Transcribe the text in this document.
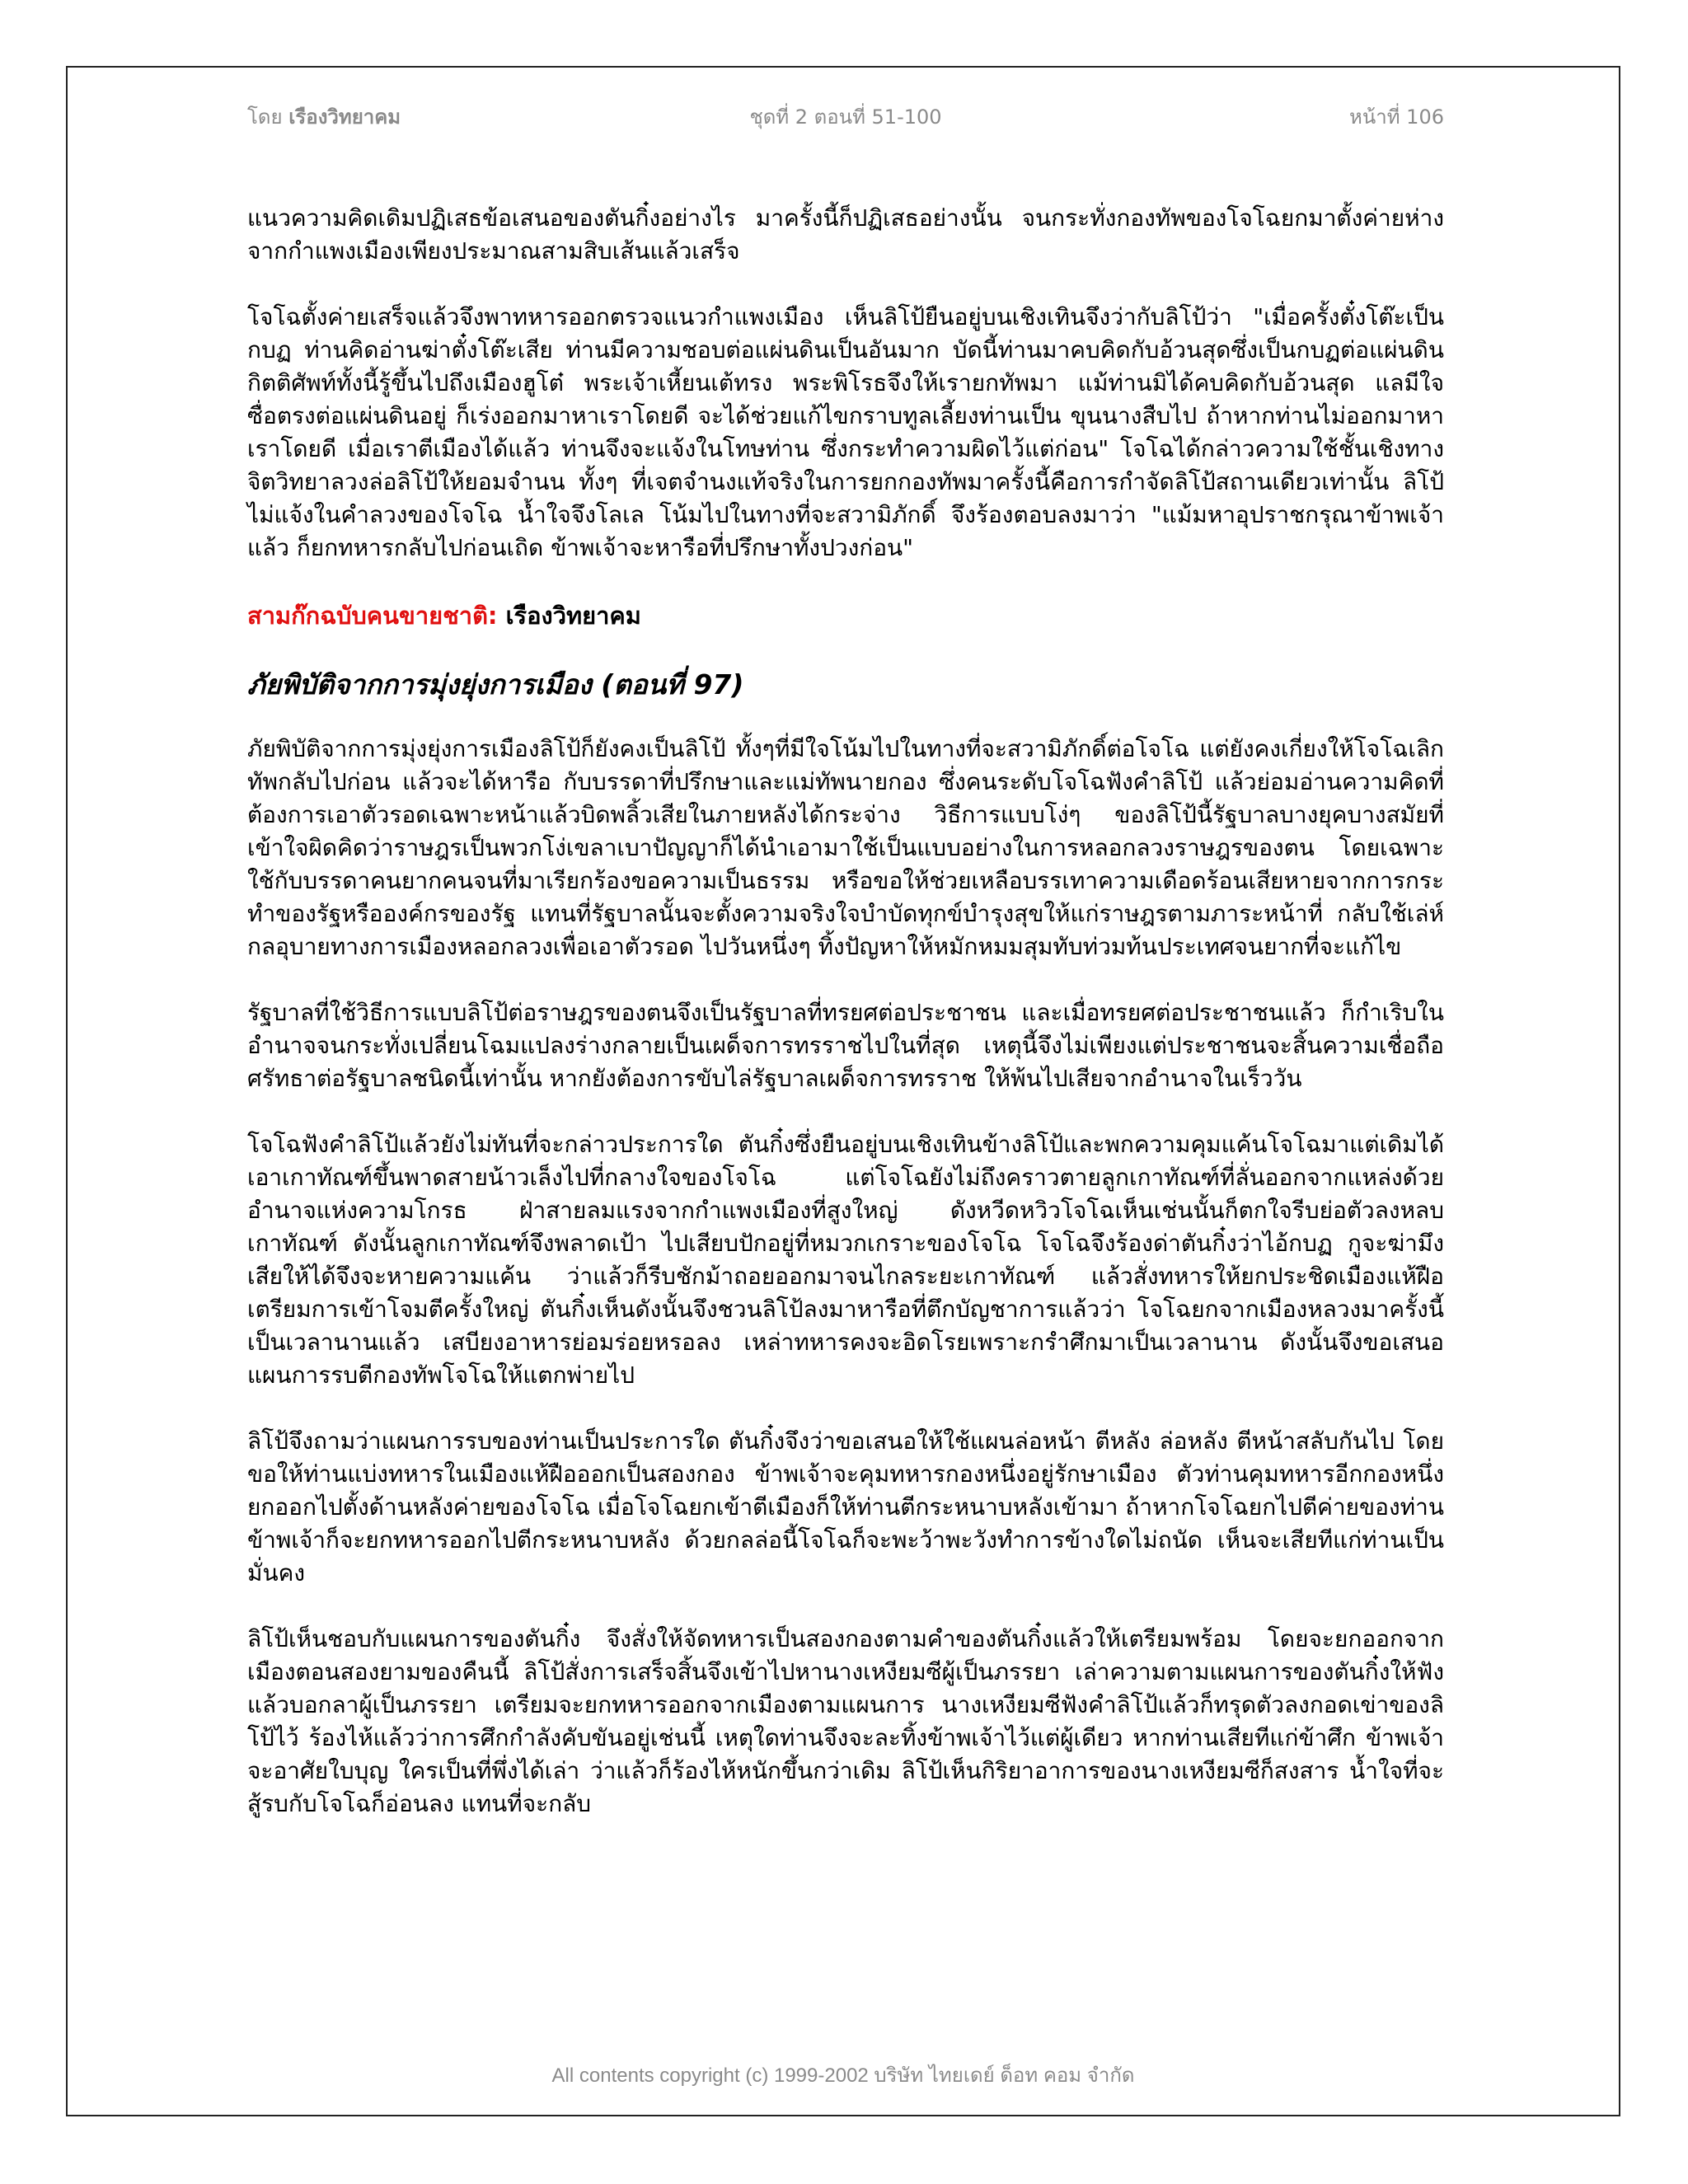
โดย เรืองวิทยาคม	ชุดที่ 2 ตอนที่ 51-100	หน้าที่ 106

แนวความคิดเดิมปฏิเสธข้อเสนอของตันกิ๋งอย่างไร มาครั้งนี้ก็ปฏิเสธอย่างนั้น จนกระทั่งกองทัพของโจโฉยกมาตั้งค่ายห่างจากกำแพงเมืองเพียงประมาณสามสิบเส้นแล้วเสร็จ

โจโฉตั้งค่ายเสร็จแล้วจึงพาทหารออกตรวจแนวกำแพงเมือง เห็นลิโป้ยืนอยู่บนเชิงเทินจึงว่ากับลิโป้ว่า "เมื่อครั้งตั๋งโต๊ะเป็นกบฏ ท่านคิดอ่านฆ่าตั๋งโต๊ะเสีย ท่านมีความชอบต่อแผ่นดินเป็นอันมาก บัดนี้ท่านมาคบคิดกับอ้วนสุดซึ่งเป็นกบฏต่อแผ่นดิน กิตติศัพท์ทั้งนี้รู้ขึ้นไปถึงเมืองฮูโต๋ พระเจ้าเหี้ยนเต้ทรง พระพิโรธจึงให้เรายกทัพมา แม้ท่านมิได้คบคิดกับอ้วนสุด แลมีใจซื่อตรงต่อแผ่นดินอยู่ ก็เร่งออกมาหาเราโดยดี จะได้ช่วยแก้ไขกราบทูลเลี้ยงท่านเป็น ขุนนางสืบไป ถ้าหากท่านไม่ออกมาหาเราโดยดี เมื่อเราตีเมืองได้แล้ว ท่านจึงจะแจ้งในโทษท่าน ซึ่งกระทำความผิดไว้แต่ก่อน" โจโฉได้กล่าวความใช้ชั้นเชิงทางจิตวิทยาลวงล่อลิโป้ให้ยอมจำนน ทั้งๆ ที่เจตจำนงแท้จริงในการยกกองทัพมาครั้งนี้คือการกำจัดลิโป้สถานเดียวเท่านั้น ลิโป้ไม่แจ้งในคำลวงของโจโฉ น้ำใจจึงโลเล โน้มไปในทางที่จะสวามิภักดิ์ จึงร้องตอบลงมาว่า "แม้มหาอุปราชกรุณาข้าพเจ้าแล้ว ก็ยกทหารกลับไปก่อนเถิด ข้าพเจ้าจะหารือที่ปรึกษาทั้งปวงก่อน"

สามก๊กฉบับคนขายชาติ: เรืองวิทยาคม
ภัยพิบัติจากการมุ่งยุ่งการเมือง (ตอนที่ 97)

ภัยพิบัติจากการมุ่งยุ่งการเมืองลิโป้ก็ยังคงเป็นลิโป้ ทั้งๆที่มีใจโน้มไปในทางที่จะสวามิภักดิ์ต่อโจโฉ แต่ยังคงเกี่ยงให้โจโฉเลิกทัพกลับไปก่อน แล้วจะได้หารือ กับบรรดาที่ปรึกษาและแม่ทัพนายกอง ซึ่งคนระดับโจโฉฟังคำลิโป้ แล้วย่อมอ่านความคิดที่ต้องการเอาตัวรอดเฉพาะหน้าแล้วบิดพลิ้วเสียในภายหลังได้กระจ่าง วิธีการแบบโง่ๆ ของลิโป้นี้รัฐบาลบางยุคบางสมัยที่เข้าใจผิดคิดว่าราษฎรเป็นพวกโง่เขลาเบาปัญญาก็ได้นำเอามาใช้เป็นแบบอย่างในการหลอกลวงราษฎรของตน โดยเฉพาะใช้กับบรรดาคนยากคนจนที่มาเรียกร้องขอความเป็นธรรม หรือขอให้ช่วยเหลือบรรเทาความเดือดร้อนเสียหายจากการกระทำของรัฐหรือองค์กรของรัฐ แทนที่รัฐบาลนั้นจะตั้งความจริงใจบำบัดทุกข์บำรุงสุขให้แก่ราษฎรตามภาระหน้าที่ กลับใช้เล่ห์กลอุบายทางการเมืองหลอกลวงเพื่อเอาตัวรอด ไปวันหนึ่งๆ ทิ้งปัญหาให้หมักหมมสุมทับท่วมท้นประเทศจนยากที่จะแก้ไข

รัฐบาลที่ใช้วิธีการแบบลิโป้ต่อราษฎรของตนจึงเป็นรัฐบาลที่ทรยศต่อประชาชน และเมื่อทรยศต่อประชาชนแล้ว ก็กำเริบในอำนาจจนกระทั่งเปลี่ยนโฉมแปลงร่างกลายเป็นเผด็จการทรราชไปในที่สุด เหตุนี้จึงไม่เพียงแต่ประชาชนจะสิ้นความเชื่อถือศรัทธาต่อรัฐบาลชนิดนี้เท่านั้น หากยังต้องการขับไล่รัฐบาลเผด็จการทรราช ให้พ้นไปเสียจากอำนาจในเร็ววัน

โจโฉฟังคำลิโป้แล้วยังไม่ทันที่จะกล่าวประการใด ตันกิ๋งซึ่งยืนอยู่บนเชิงเทินข้างลิโป้และพกความคุมแค้นโจโฉมาแต่เดิมได้เอาเกาทัณฑ์ขึ้นพาดสายน้าวเล็งไปที่กลางใจของโจโฉ แต่โจโฉยังไม่ถึงคราวตายลูกเกาทัณฑ์ที่ลั่นออกจากแหล่งด้วยอำนาจแห่งความโกรธ ฝ่าสายลมแรงจากกำแพงเมืองที่สูงใหญ่ ดังหวีดหวิวโจโฉเห็นเช่นนั้นก็ตกใจรีบย่อตัวลงหลบเกาทัณฑ์ ดังนั้นลูกเกาทัณฑ์จึงพลาดเป้า ไปเสียบปักอยู่ที่หมวกเกราะของโจโฉ โจโฉจึงร้องด่าตันกิ๋งว่าไอ้กบฏ กูจะฆ่ามึงเสียให้ได้จึงจะหายความแค้น ว่าแล้วก็รีบชักม้าถอยออกมาจนไกลระยะเกาทัณฑ์ แล้วสั่งทหารให้ยกประชิดเมืองแห้ฝือ เตรียมการเข้าโจมตีครั้งใหญ่ ตันกิ๋งเห็นดังนั้นจึงชวนลิโป้ลงมาหารือที่ตึกบัญชาการแล้วว่า โจโฉยกจากเมืองหลวงมาครั้งนี้เป็นเวลานานแล้ว เสบียงอาหารย่อมร่อยหรอลง เหล่าทหารคงจะอิดโรยเพราะกรำศึกมาเป็นเวลานาน ดังนั้นจึงขอเสนอแผนการรบตีกองทัพโจโฉให้แตกพ่ายไป

ลิโป้จึงถามว่าแผนการรบของท่านเป็นประการใด ตันกิ๋งจึงว่าขอเสนอให้ใช้แผนล่อหน้า ตีหลัง ล่อหลัง ตีหน้าสลับกันไป โดยขอให้ท่านแบ่งทหารในเมืองแห้ฝือออกเป็นสองกอง ข้าพเจ้าจะคุมทหารกองหนึ่งอยู่รักษาเมือง ตัวท่านคุมทหารอีกกองหนึ่งยกออกไปตั้งด้านหลังค่ายของโจโฉ เมื่อโจโฉยกเข้าตีเมืองก็ให้ท่านตีกระหนาบหลังเข้ามา ถ้าหากโจโฉยกไปตีค่ายของท่าน ข้าพเจ้าก็จะยกทหารออกไปตีกระหนาบหลัง ด้วยกลล่อนี้โจโฉก็จะพะว้าพะวังทำการข้างใดไม่ถนัด เห็นจะเสียทีแก่ท่านเป็นมั่นคง

ลิโป้เห็นชอบกับแผนการของตันกิ๋ง จึงสั่งให้จัดทหารเป็นสองกองตามคำของตันกิ๋งแล้วให้เตรียมพร้อม โดยจะยกออกจากเมืองตอนสองยามของคืนนี้ ลิโป้สั่งการเสร็จสิ้นจึงเข้าไปหานางเหงียมซีผู้เป็นภรรยา เล่าความตามแผนการของตันกิ๋งให้ฟังแล้วบอกลาผู้เป็นภรรยา เตรียมจะยกทหารออกจากเมืองตามแผนการ นางเหงียมซีฟังคำลิโป้แล้วก็ทรุดตัวลงกอดเข่าของลิโป้ไว้ ร้องไห้แล้วว่าการศึกกำลังคับขันอยู่เช่นนี้ เหตุใดท่านจึงจะละทิ้งข้าพเจ้าไว้แต่ผู้เดียว หากท่านเสียทีแก่ข้าศึก ข้าพเจ้าจะอาศัยใบบุญ ใครเป็นที่พึ่งได้เล่า ว่าแล้วก็ร้องไห้หนักขึ้นกว่าเดิม ลิโป้เห็นกิริยาอาการของนางเหงียมซีก็สงสาร น้ำใจที่จะสู้รบกับโจโฉก็อ่อนลง แทนที่จะกลับ

All contents copyright (c) 1999-2002 บริษัท ไทยเดย์ ด็อท คอม จำกัด
